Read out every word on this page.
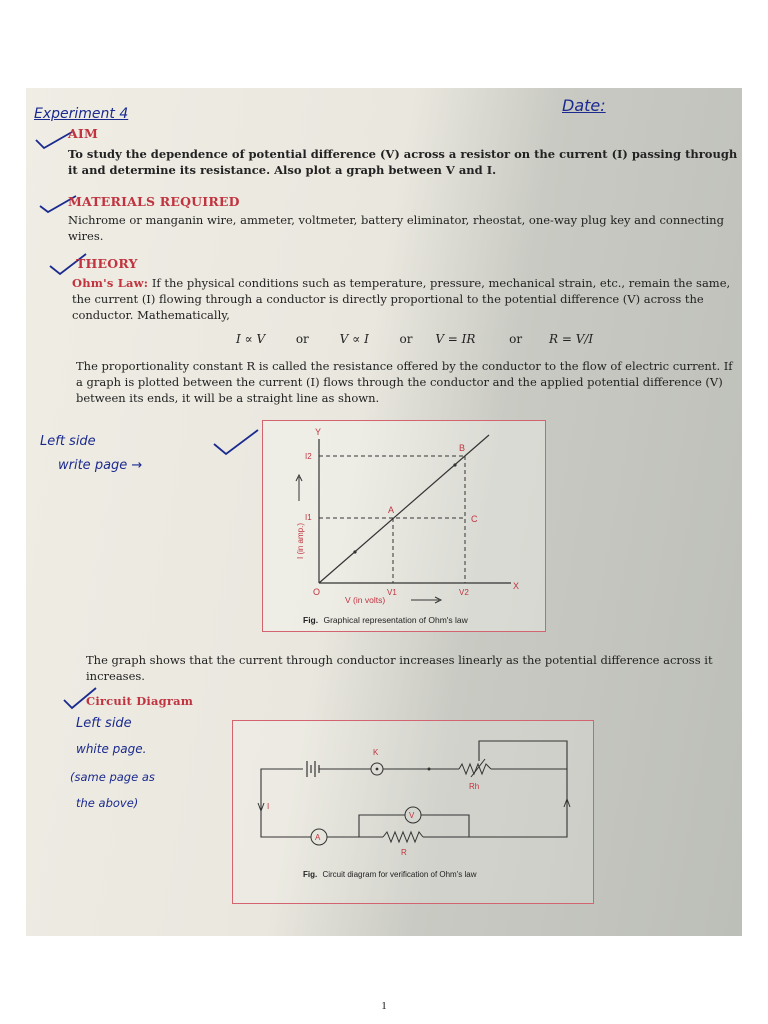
Experiment 4	Date:
AIM
To study the dependence of potential difference (V) across a resistor on the current (I) passing through it and determine its resistance. Also plot a graph between V and I.
MATERIALS REQUIRED
Nichrome or manganin wire, ammeter, voltmeter, battery eliminator, rheostat, one-way plug key and connecting wires.
THEORY
Ohm's Law: If the physical conditions such as temperature, pressure, mechanical strain, etc., remain the same, the current (I) flowing through a conductor is directly proportional to the potential difference (V) across the conductor. Mathematically,
I ∝ V	or	V ∝ I	or V = IR	or R = V/I
The proportionality constant R is called the resistance offered by the conductor to the flow of electric current. If a graph is plotted between the current (I) flows through the conductor and the applied potential difference (V) between its ends, it will be a straight line as shown.
Left side
write page →
Y
X
O
A
B
C
I2
I1
V1	V2
I (in amp.)
V (in volts)
Fig. Graphical representation of Ohm's law
The graph shows that the current through conductor increases linearly as the potential difference across it increases.
Circuit Diagram
Left side
white page.
(same page as
the above)
K
Rh
I
A
V
R
Fig. Circuit diagram for verification of Ohm's law
1
